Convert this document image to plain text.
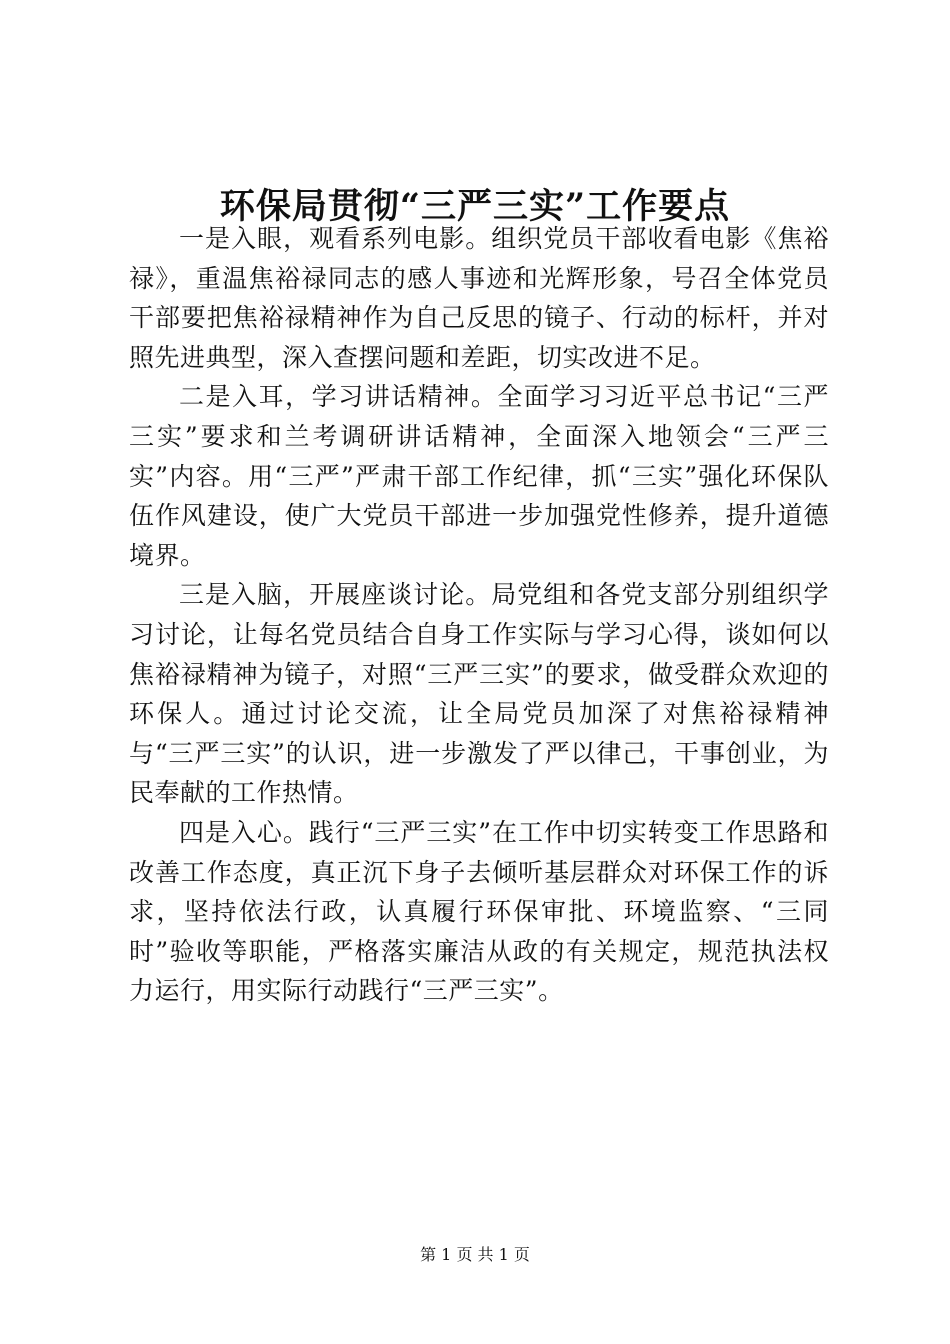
环保局贯彻“三严三实”工作要点

一是入眼，观看系列电影。组织党员干部收看电影《焦裕禄》，重温焦裕禄同志的感人事迹和光辉形象，号召全体党员干部要把焦裕禄精神作为自己反思的镜子、行动的标杆，并对照先进典型，深入查摆问题和差距，切实改进不足。

二是入耳，学习讲话精神。全面学习习近平总书记“三严三实”要求和兰考调研讲话精神，全面深入地领会“三严三实”内容。用“三严”严肃干部工作纪律，抓“三实”强化环保队伍作风建设，使广大党员干部进一步加强党性修养，提升道德境界。

三是入脑，开展座谈讨论。局党组和各党支部分别组织学习讨论，让每名党员结合自身工作实际与学习心得，谈如何以焦裕禄精神为镜子，对照“三严三实”的要求，做受群众欢迎的环保人。通过讨论交流，让全局党员加深了对焦裕禄精神与“三严三实”的认识，进一步激发了严以律己，干事创业，为民奉献的工作热情。

四是入心。践行“三严三实”在工作中切实转变工作思路和改善工作态度，真正沉下身子去倾听基层群众对环保工作的诉求，坚持依法行政，认真履行环保审批、环境监察、“三同时”验收等职能，严格落实廉洁从政的有关规定，规范执法权力运行，用实际行动践行“三严三实”。

第 1 页 共 1 页
